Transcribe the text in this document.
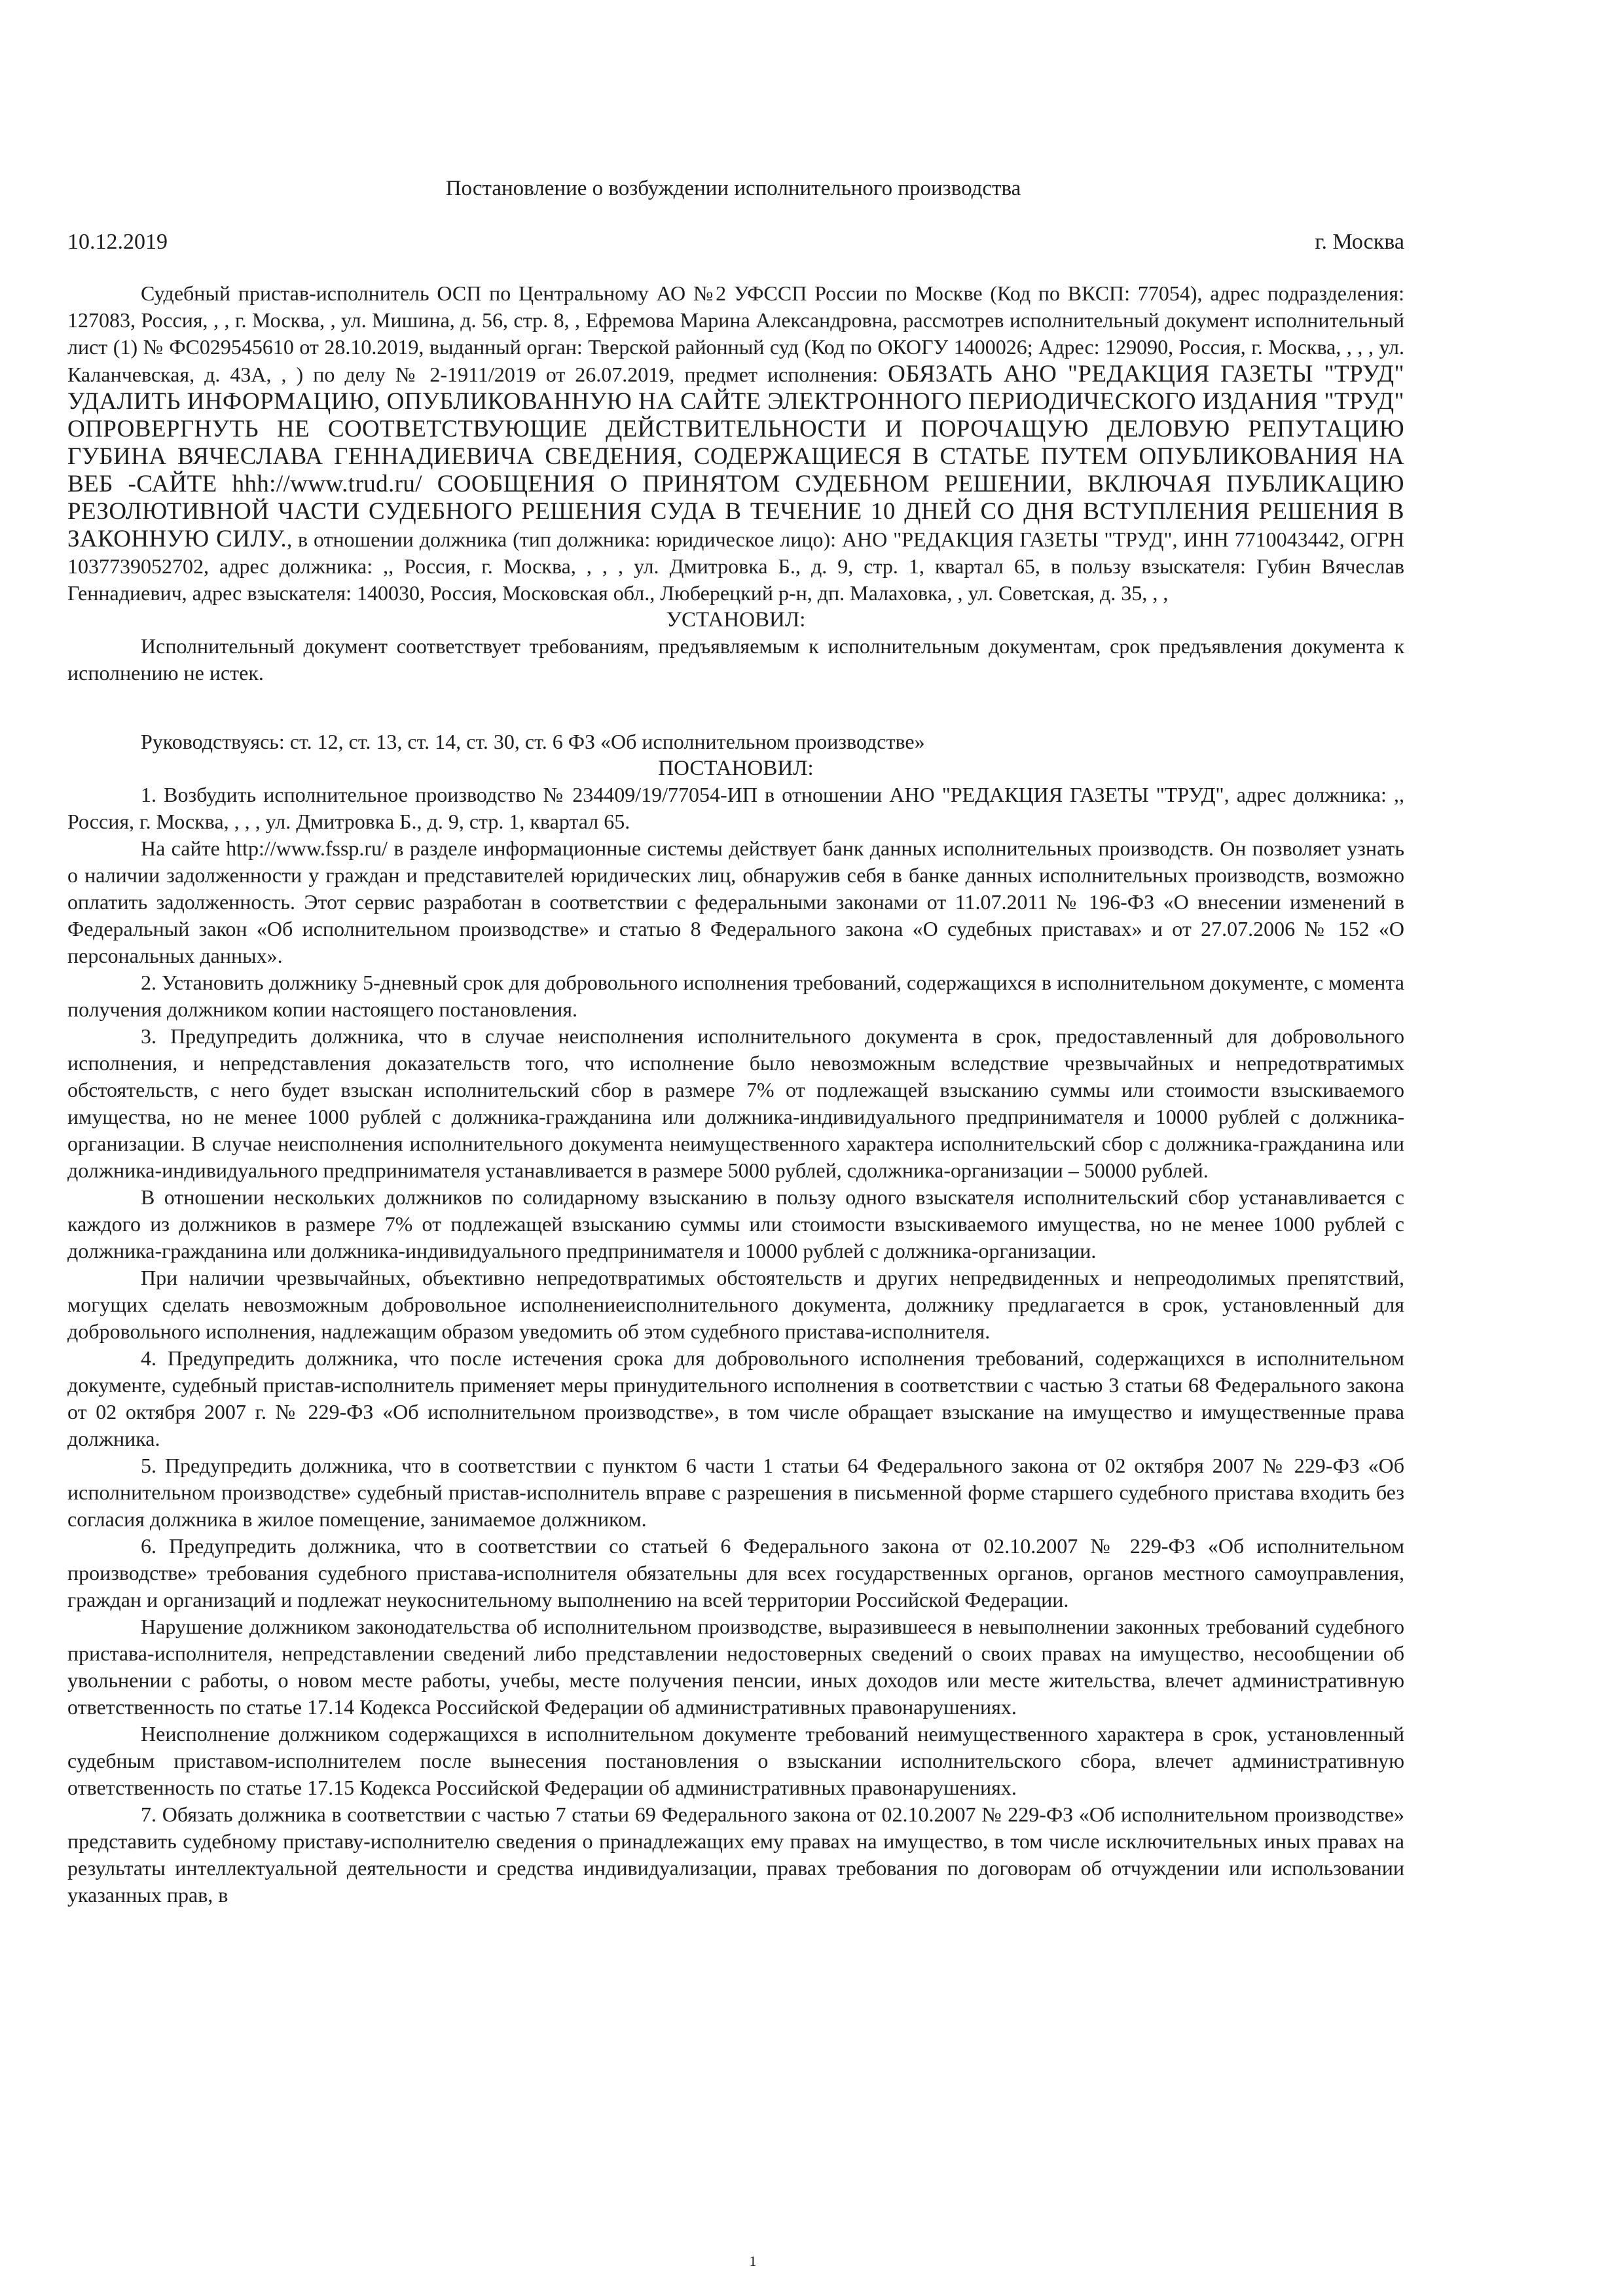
Постановление о возбуждении исполнительного производства
10.12.2019	г. Москва

Судебный пристав-исполнитель ОСП по Центральному АО №2 УФССП России по Москве (Код по ВКСП: 77054), адрес подразделения: 127083, Россия, , , г. Москва, , ул. Мишина, д. 56, стр. 8, , Ефремова Марина Александровна, рассмотрев исполнительный документ исполнительный лист (1) № ФС029545610 от 28.10.2019, выданный орган: Тверской районный суд (Код по ОКОГУ 1400026; Адрес: 129090, Россия, г. Москва, , , , ул. Каланчевская, д. 43А, , ) по делу № 2-1911/2019 от 26.07.2019, предмет исполнения: ОБЯЗАТЬ АНО "РЕДАКЦИЯ ГАЗЕТЫ "ТРУД" УДАЛИТЬ ИНФОРМАЦИЮ, ОПУБЛИКОВАННУЮ НА САЙТЕ ЭЛЕКТРОННОГО ПЕРИОДИЧЕСКОГО ИЗДАНИЯ "ТРУД" ОПРОВЕРГНУТЬ НЕ СООТВЕТСТВУЮЩИЕ ДЕЙСТВИТЕЛЬНОСТИ И ПОРОЧАЩУЮ ДЕЛОВУЮ РЕПУТАЦИЮ ГУБИНА ВЯЧЕСЛАВА ГЕННАДИЕВИЧА СВЕДЕНИЯ, СОДЕРЖАЩИЕСЯ В СТАТЬЕ ПУТЕМ ОПУБЛИКОВАНИЯ НА ВЕБ -САЙТЕ hhh://www.trud.ru/ СООБЩЕНИЯ О ПРИНЯТОМ СУДЕБНОМ РЕШЕНИИ, ВКЛЮЧАЯ ПУБЛИКАЦИЮ РЕЗОЛЮТИВНОЙ ЧАСТИ СУДЕБНОГО РЕШЕНИЯ СУДА В ТЕЧЕНИЕ 10 ДНЕЙ СО ДНЯ ВСТУПЛЕНИЯ РЕШЕНИЯ В ЗАКОННУЮ СИЛУ., в отношении должника (тип должника: юридическое лицо): АНО "РЕДАКЦИЯ ГАЗЕТЫ "ТРУД", ИНН 7710043442, ОГРН 1037739052702, адрес должника: ,, Россия, г. Москва, , , , ул. Дмитровка Б., д. 9, стр. 1, квартал 65, в пользу взыскателя: Губин Вячеслав Геннадиевич, адрес взыскателя: 140030, Россия, Московская обл., Люберецкий р-н, дп. Малаховка, , ул. Советская, д. 35, , ,

УСТАНОВИЛ:

Исполнительный документ соответствует требованиям, предъявляемым к исполнительным документам, срок предъявления документа к исполнению не истек.

Руководствуясь: ст. 12, ст. 13, ст. 14, ст. 30, ст. 6 ФЗ «Об исполнительном производстве»

ПОСТАНОВИЛ:

1. Возбудить исполнительное производство № 234409/19/77054-ИП в отношении АНО "РЕДАКЦИЯ ГАЗЕТЫ "ТРУД", адрес должника: ,, Россия, г. Москва, , , , ул. Дмитровка Б., д. 9, стр. 1, квартал 65.

На сайте http://www.fssp.ru/ в разделе информационные системы действует банк данных исполнительных производств. Он позволяет узнать о наличии задолженности у граждан и представителей юридических лиц, обнаружив себя в банке данных исполнительных производств, возможно оплатить задолженность. Этот сервис разработан в соответствии с федеральными законами от 11.07.2011 № 196-ФЗ «О внесении изменений в Федеральный закон «Об исполнительном производстве» и статью 8 Федерального закона «О судебных приставах» и от 27.07.2006 № 152 «О персональных данных».

2. Установить должнику 5-дневный срок для добровольного исполнения требований, содержащихся в исполнительном документе, с момента получения должником копии настоящего постановления.

3. Предупредить должника, что в случае неисполнения исполнительного документа в срок, предоставленный для добровольного исполнения, и непредставления доказательств того, что исполнение было невозможным вследствие чрезвычайных и непредотвратимых обстоятельств, с него будет взыскан исполнительский сбор в размере 7% от подлежащей взысканию суммы или стоимости взыскиваемого имущества, но не менее 1000 рублей с должника-гражданина или должника-индивидуального предпринимателя и 10000 рублей с должника-организации. В случае неисполнения исполнительного документа неимущественного характера исполнительский сбор с должника-гражданина или должника-индивидуального предпринимателя устанавливается в размере 5000 рублей, сдолжника-организации – 50000 рублей.

В отношении нескольких должников по солидарному взысканию в пользу одного взыскателя исполнительский сбор устанавливается с каждого из должников в размере 7% от подлежащей взысканию суммы или стоимости взыскиваемого имущества, но не менее 1000 рублей с должника-гражданина или должника-индивидуального предпринимателя и 10000 рублей с должника-организации.

При наличии чрезвычайных, объективно непредотвратимых обстоятельств и других непредвиденных и непреодолимых препятствий, могущих сделать невозможным добровольное исполнениеисполнительного документа, должнику предлагается в срок, установленный для добровольного исполнения, надлежащим образом уведомить об этом судебного пристава-исполнителя.

4. Предупредить должника, что после истечения срока для добровольного исполнения требований, содержащихся в исполнительном документе, судебный пристав-исполнитель применяет меры принудительного исполнения в соответствии с частью 3 статьи 68 Федерального закона от 02 октября 2007 г. № 229-ФЗ «Об исполнительном производстве», в том числе обращает взыскание на имущество и имущественные права должника.

5. Предупредить должника, что в соответствии с пунктом 6 части 1 статьи 64 Федерального закона от 02 октября 2007 № 229-ФЗ «Об исполнительном производстве» судебный пристав-исполнитель вправе с разрешения в письменной форме старшего судебного пристава входить без согласия должника в жилое помещение, занимаемое должником.

6. Предупредить должника, что в соответствии со статьей 6 Федерального закона от 02.10.2007 № 229-ФЗ «Об исполнительном производстве» требования судебного пристава-исполнителя обязательны для всех государственных органов, органов местного самоуправления, граждан и организаций и подлежат неукоснительному выполнению на всей территории Российской Федерации.

Нарушение должником законодательства об исполнительном производстве, выразившееся в невыполнении законных требований судебного пристава-исполнителя, непредставлении сведений либо представлении недостоверных сведений о своих правах на имущество, несообщении об увольнении с работы, о новом месте работы, учебы, месте получения пенсии, иных доходов или месте жительства, влечет административную ответственность по статье 17.14 Кодекса Российской Федерации об административных правонарушениях.

Неисполнение должником содержащихся в исполнительном документе требований неимущественного характера в срок, установленный судебным приставом-исполнителем после вынесения постановления о взыскании исполнительского сбора, влечет административную ответственность по статье 17.15 Кодекса Российской Федерации об административных правонарушениях.

7. Обязать должника в соответствии с частью 7 статьи 69 Федерального закона от 02.10.2007 № 229-ФЗ «Об исполнительном производстве» представить судебному приставу-исполнителю сведения о принадлежащих ему правах на имущество, в том числе исключительных иных правах на результаты интеллектуальной деятельности и средства индивидуализации, правах требования по договорам об отчуждении или использовании указанных прав, в

1
